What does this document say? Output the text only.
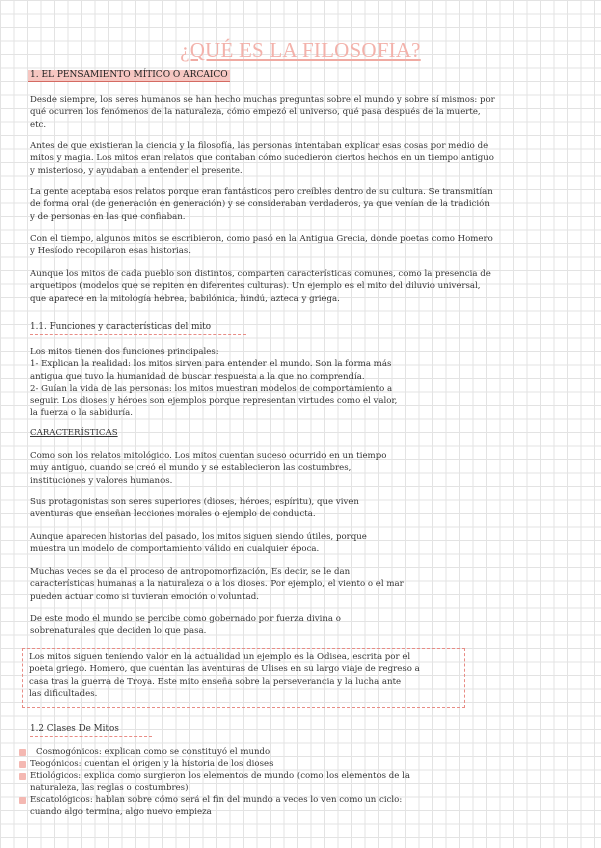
¿QUÉ ES LA FILOSOFIA?
1. EL PENSAMIENTO MÍTICO O ARCAICO
Desde siempre, los seres humanos se han hecho muchas preguntas sobre el mundo y sobre sí mismos: por
qué ocurren los fenómenos de la naturaleza, cómo empezó el universo, qué pasa después de la muerte,
etc.
Antes de que existieran la ciencia y la filosofía, las personas intentaban explicar esas cosas por medio de
mitos y magia. Los mitos eran relatos que contaban cómo sucedieron ciertos hechos en un tiempo antiguo
y misterioso, y ayudaban a entender el presente.
La gente aceptaba esos relatos porque eran fantásticos pero creíbles dentro de su cultura. Se transmitían
de forma oral (de generación en generación) y se consideraban verdaderos, ya que venían de la tradición
y de personas en las que confiaban.
Con el tiempo, algunos mitos se escribieron, como pasó en la Antigua Grecia, donde poetas como Homero
y Hesíodo recopilaron esas historias.
Aunque los mitos de cada pueblo son distintos, comparten características comunes, como la presencia de
arquetipos (modelos que se repiten en diferentes culturas). Un ejemplo es el mito del diluvio universal,
que aparece en la mitología hebrea, babilónica, hindú, azteca y griega.
1.1. Funciones y características del mito
Los mitos tienen dos funciones principales:
1- Explican la realidad: los mitos sirven para entender el mundo. Son la forma más
antigua que tuvo la humanidad de buscar respuesta a la que no comprendía.
2- Guían la vida de las personas: los mitos muestran modelos de comportamiento a
seguir. Los dioses y héroes son ejemplos porque representan virtudes como el valor,
la fuerza o la sabiduría.
CARACTERÍSTICAS
Como son los relatos mitológico. Los mitos cuentan suceso ocurrido en un tiempo
muy antiguo, cuando se creó el mundo y se establecieron las costumbres,
instituciones y valores humanos.
Sus protagonistas son seres superiores (dioses, héroes, espíritu), que viven
aventuras que enseñan lecciones morales o ejemplo de conducta.
Aunque aparecen historias del pasado, los mitos siguen siendo útiles, porque
muestra un modelo de comportamiento válido en cualquier época.
Muchas veces se da el proceso de antropomorfización, Es decir, se le dan
características humanas a la naturaleza o a los dioses. Por ejemplo, el viento o el mar
pueden actuar como si tuvieran emoción o voluntad.
De este modo el mundo se percibe como gobernado por fuerza divina o
sobrenaturales que deciden lo que pasa.
Los mitos siguen teniendo valor en la actualidad un ejemplo es la Odisea, escrita por el
poeta griego. Homero, que cuentan las aventuras de Ulises en su largo viaje de regreso a
casa tras la guerra de Troya. Este mito enseña sobre la perseverancia y la lucha ante
las dificultades.
1.2 Clases De Mitos
Cosmogónicos: explican como se constituyó el mundo
Teogónicos: cuentan el origen y la historia de los dioses
Etiológicos: explica como surgieron los elementos de mundo (como los elementos de la
naturaleza, las reglas o costumbres)
Escatológicos: hablan sobre cómo será el fin del mundo a veces lo ven como un ciclo:
cuando algo termina, algo nuevo empieza
